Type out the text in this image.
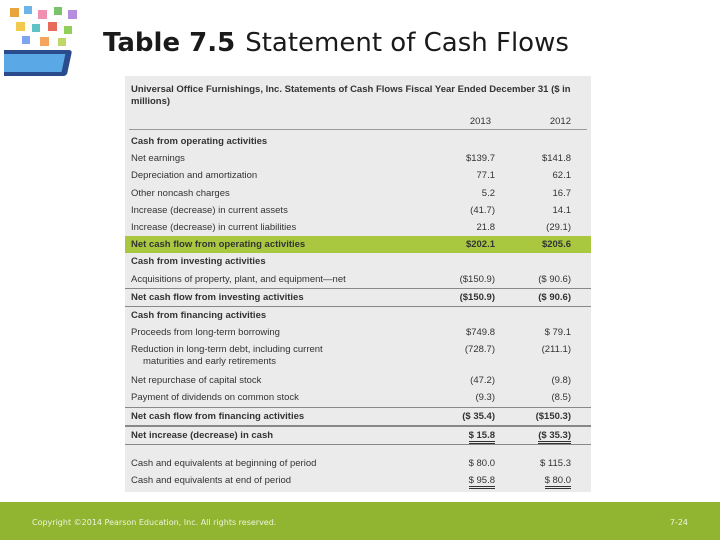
Table 7.5 Statement of Cash Flows
Universal Office Furnishings, Inc. Statements of Cash Flows Fiscal Year Ended December 31 ($ in millions)
2013	2012
Cash from operating activities
Net earnings	$139.7	$141.8
Depreciation and amortization	77.1	62.1
Other noncash charges	5.2	16.7
Increase (decrease) in current assets	(41.7)	14.1
Increase (decrease) in current liabilities	21.8	(29.1)
Net cash flow from operating activities	$202.1	$205.6
Cash from investing activities
Acquisitions of property, plant, and equipment—net	($150.9)	($ 90.6)
Net cash flow from investing activities	($150.9)	($ 90.6)
Cash from financing activities
Proceeds from long-term borrowing	$749.8	$ 79.1
Reduction in long-term debt, including current
maturities and early retirements
(728.7)	(211.1)
Net repurchase of capital stock	(47.2)	(9.8)
Payment of dividends on common stock	(9.3)	(8.5)
Net cash flow from financing activities	($ 35.4)	($150.3)
Net increase (decrease) in cash	$ 15.8	($ 35.3)
Cash and equivalents at beginning of period	$ 80.0	$ 115.3
Cash and equivalents at end of period	$ 95.8	$ 80.0
Copyright ©2014 Pearson Education, Inc. All rights reserved.	7-24
